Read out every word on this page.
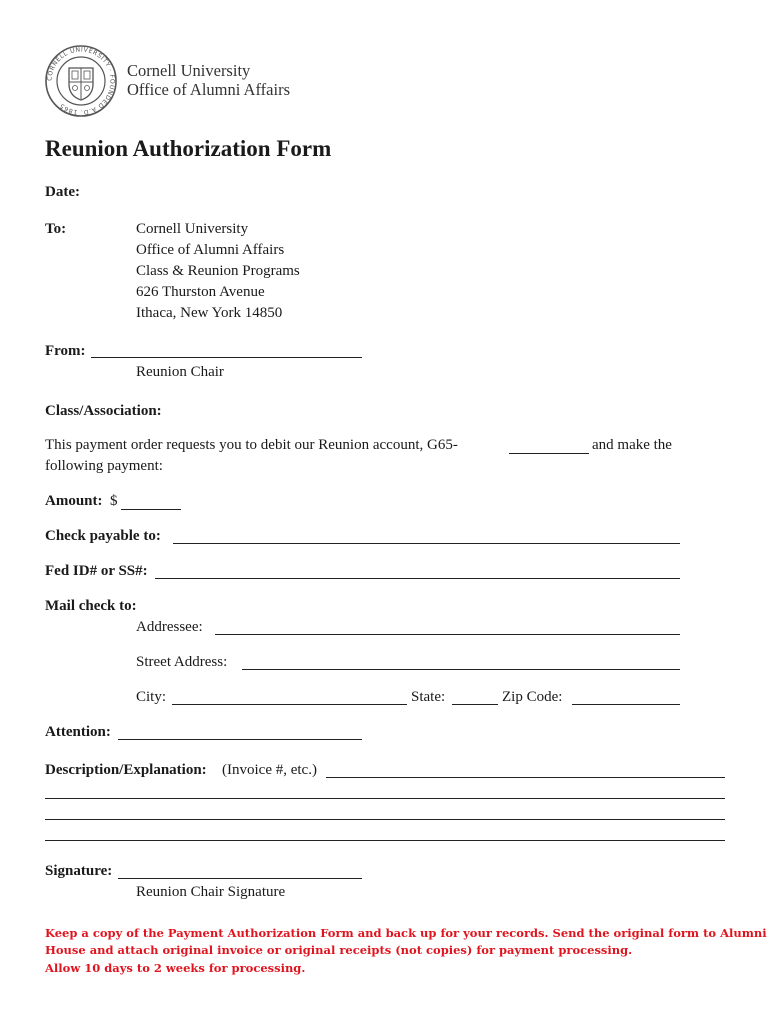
CORNELL UNIVERSITY · FOUNDED A.D. 1865
Cornell University
Office of Alumni Affairs
Reunion Authorization Form
Date:
To:	Cornell University
Office of Alumni Affairs
Class & Reunion Programs
626 Thurston Avenue
Ithaca, New York 14850
From:
Reunion Chair
Class/Association:
This payment order requests you to debit our Reunion account, G65-	and make the
following payment:
Amount: $
Check payable to:
Fed ID# or SS#:
Mail check to:
Addressee:
Street Address:
City:	State:	Zip Code:
Attention:
Description/Explanation: (Invoice #, etc.)
Signature:
Reunion Chair Signature
Keep a copy of the Payment Authorization Form and back up for your records. Send the original form to Alumni
House and attach original invoice or original receipts (not copies) for payment processing.
Allow 10 days to 2 weeks for processing.
